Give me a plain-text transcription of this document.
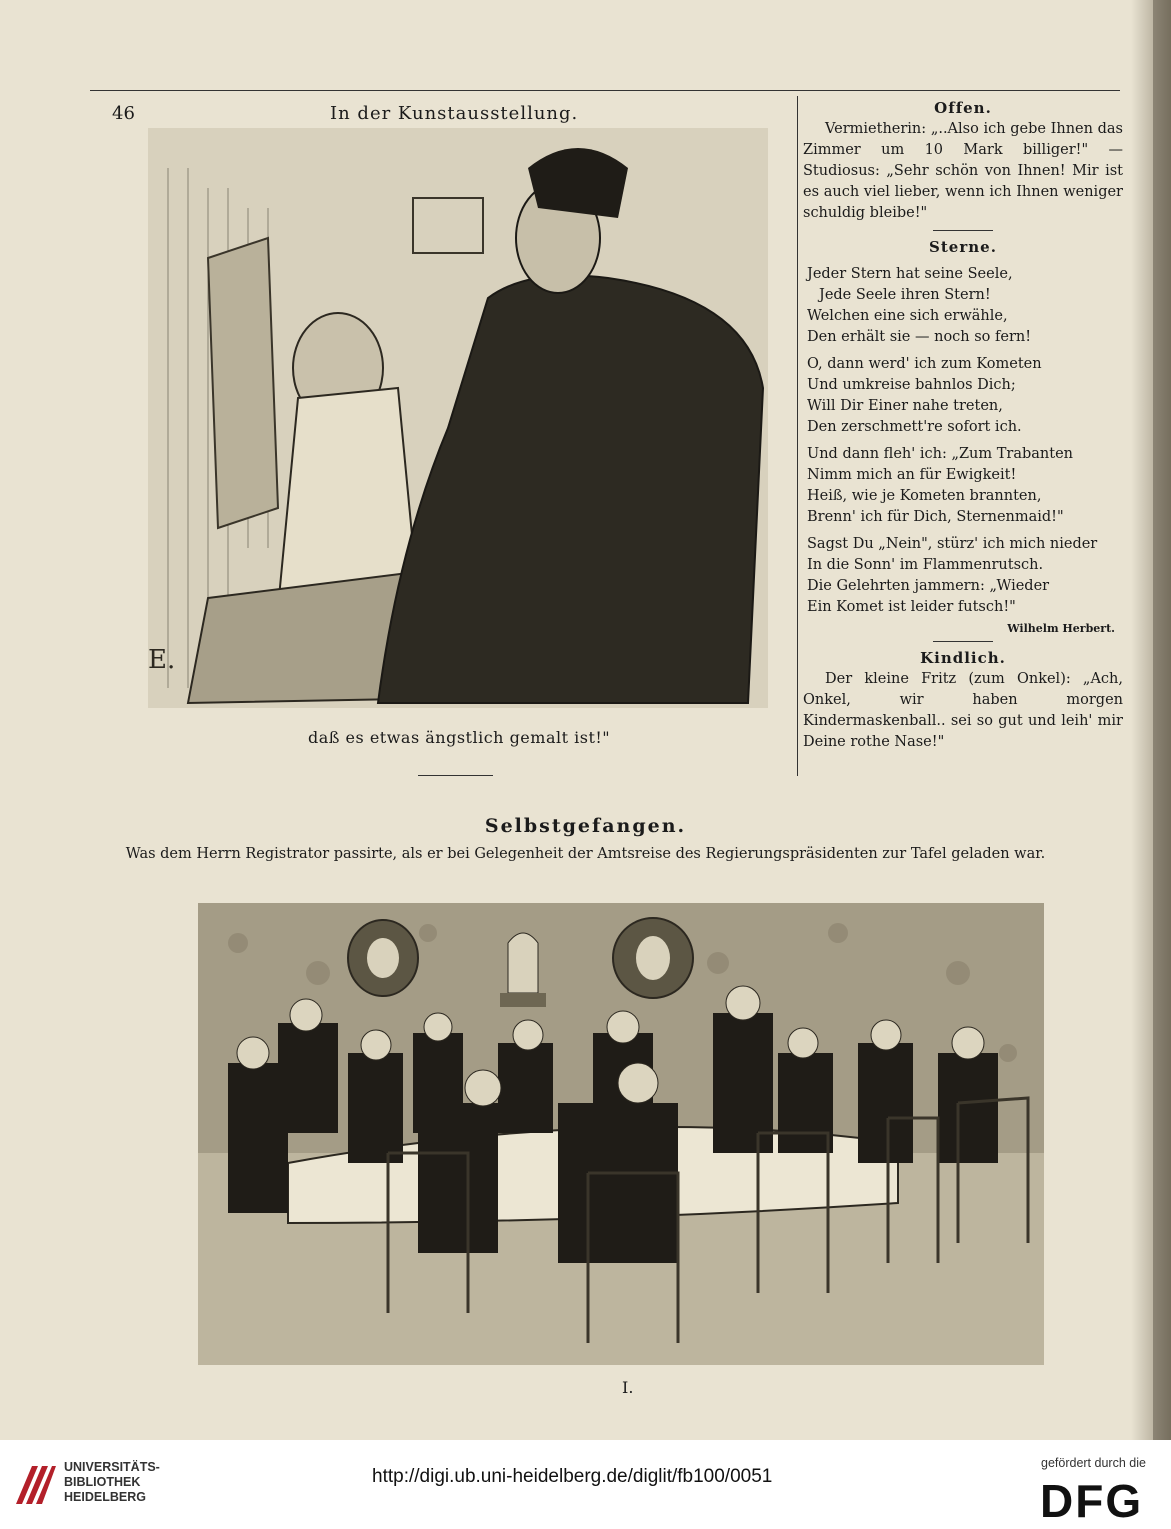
46	In der Kunstausstellung.
E.
daß es etwas ängstlich gemalt ist!"

Offen.

Vermietherin: „..Also ich gebe Ihnen das Zimmer um 10 Mark billiger!" — Studiosus: „Sehr schön von Ihnen! Mir ist es auch viel lieber, wenn ich Ihnen weniger schuldig bleibe!"

Sterne.

Jeder Stern hat seine Seele,
Jede Seele ihren Stern!
Welchen eine sich erwähle,
Den erhält sie — noch so fern!
O, dann werd' ich zum Kometen
Und umkreise bahnlos Dich;
Will Dir Einer nahe treten,
Den zerschmett're sofort ich.
Und dann fleh' ich: „Zum Trabanten
Nimm mich an für Ewigkeit!
Heiß, wie je Kometen brannten,
Brenn' ich für Dich, Sternenmaid!"
Sagst Du „Nein", stürz' ich mich nieder
In die Sonn' im Flammenrutsch.
Die Gelehrten jammern: „Wieder
Ein Komet ist leider futsch!"

Wilhelm Herbert.

Kindlich.

Der kleine Fritz (zum Onkel): „Ach, Onkel, wir haben morgen Kindermaskenball.. sei so gut und leih' mir Deine rothe Nase!"

Selbstgefangen.
Was dem Herrn Registrator passirte, als er bei Gelegenheit der Amtsreise des Regierungspräsidenten zur Tafel geladen war.
I.
UNIVERSITÄTS-
BIBLIOTHEK
HEIDELBERG
http://digi.ub.uni-heidelberg.de/diglit/fb100/0051
gefördert durch die
DFG
